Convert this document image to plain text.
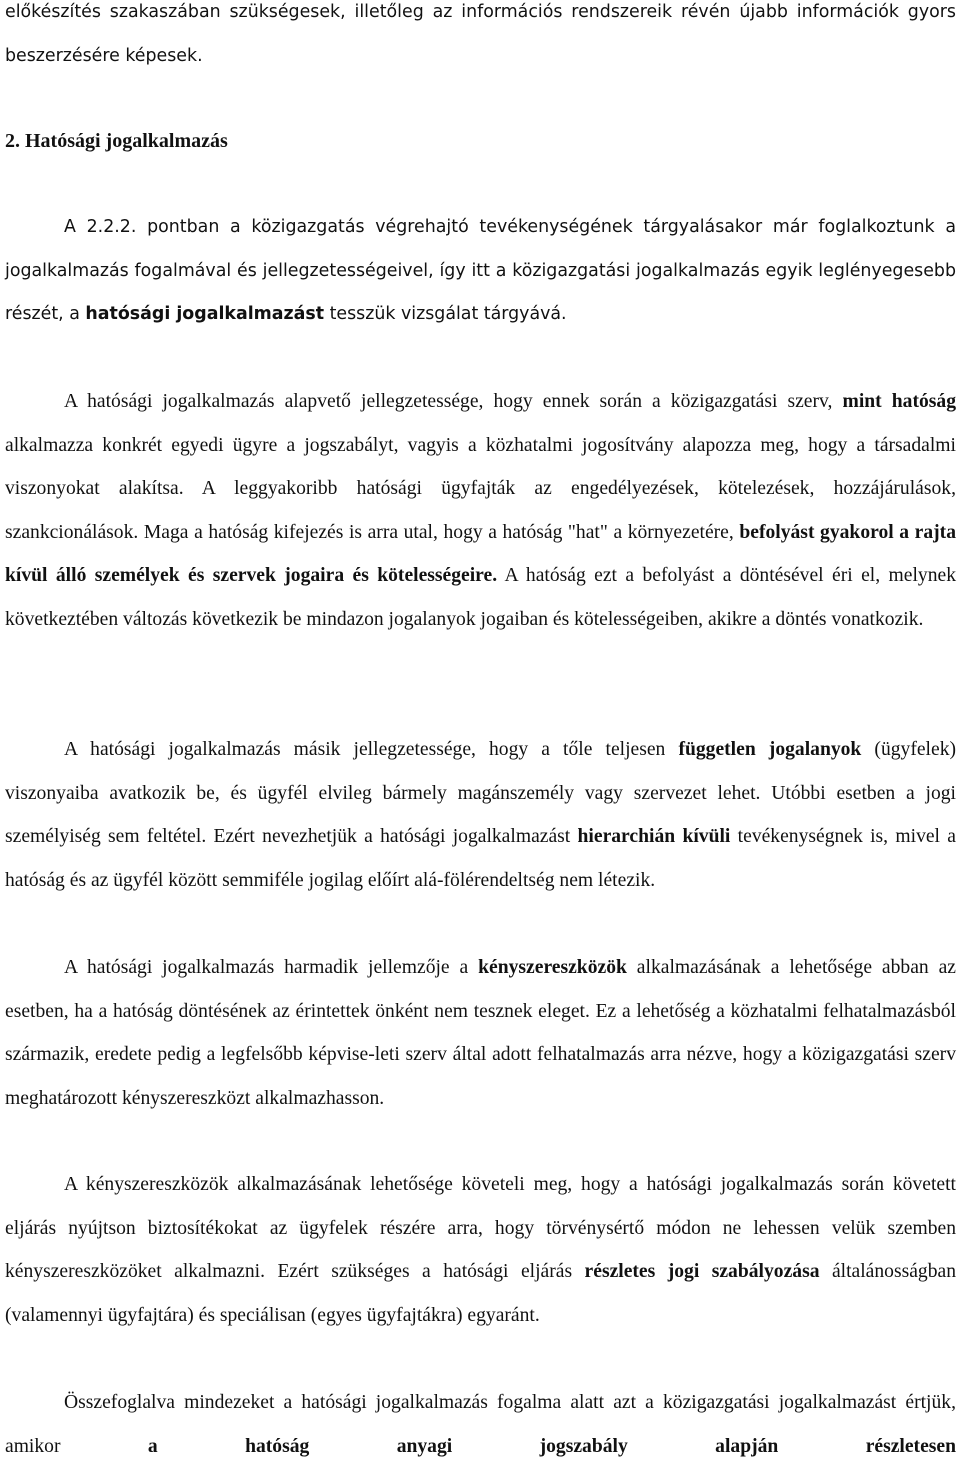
előkészítés szakaszában szükségesek, illetőleg az információs rendszereik révén újabb információk gyors beszerzésére képesek.

2. Hatósági jogalkalmazás

A 2.2.2. pontban a közigazgatás végrehajtó tevékenységének tárgyalásakor már foglalkoztunk a jogalkalmazás fogalmával és jellegzetességeivel, így itt a közigazgatási jogalkalmazás egyik leglényegesebb részét, a hatósági jogalkalmazást tesszük vizsgálat tárgyává.

A hatósági jogalkalmazás alapvető jellegzetessége, hogy ennek során a közigazgatási szerv, mint hatóság alkalmazza konkrét egyedi ügyre a jogszabályt, vagyis a közhatalmi jogosítvány alapozza meg, hogy a társadalmi viszonyokat alakítsa. A leggyakoribb hatósági ügyfajták az engedélyezések, kötelezések, hozzájárulások, szankcionálások. Maga a hatóság kifejezés is arra utal, hogy a hatóság "hat" a környezetére, befolyást gyakorol a rajta kívül álló személyek és szervek jogaira és kötelességeire. A hatóság ezt a befolyást a döntésével éri el, melynek következtében változás következik be mindazon jogalanyok jogaiban és kötelességeiben, akikre a döntés vonatkozik.

A hatósági jogalkalmazás másik jellegzetessége, hogy a tőle teljesen független jogalanyok (ügyfelek) viszonyaiba avatkozik be, és ügyfél elvileg bármely magánszemély vagy szervezet lehet. Utóbbi esetben a jogi személyiség sem feltétel. Ezért nevezhetjük a hatósági jogalkalmazást hierarchián kívüli tevékenységnek is, mivel a hatóság és az ügyfél között semmiféle jogilag előírt alá-fölérendeltség nem létezik.

A hatósági jogalkalmazás harmadik jellemzője a kényszereszközök alkalmazásának a lehetősége abban az esetben, ha a hatóság döntésének az érintettek önként nem tesznek eleget. Ez a lehetőség a közhatalmi felhatalmazásból származik, eredete pedig a legfelsőbb képvise-leti szerv által adott felhatalmazás arra nézve, hogy a közigazgatási szerv meghatározott kényszereszközt alkalmazhasson.

A kényszereszközök alkalmazásának lehetősége követeli meg, hogy a hatósági jogalkalmazás során követett eljárás nyújtson biztosítékokat az ügyfelek részére arra, hogy törvénysértő módon ne lehessen velük szemben kényszereszközöket alkalmazni. Ezért szükséges a hatósági eljárás részletes jogi szabályozása általánosságban (valamennyi ügyfajtára) és speciálisan (egyes ügyfajtákra) egyaránt.

Összefoglalva mindezeket a hatósági jogalkalmazás fogalma alatt azt a közigazgatási jogalkalmazást értjük, amikor a hatóság anyagi jogszabály alapján részletesen
